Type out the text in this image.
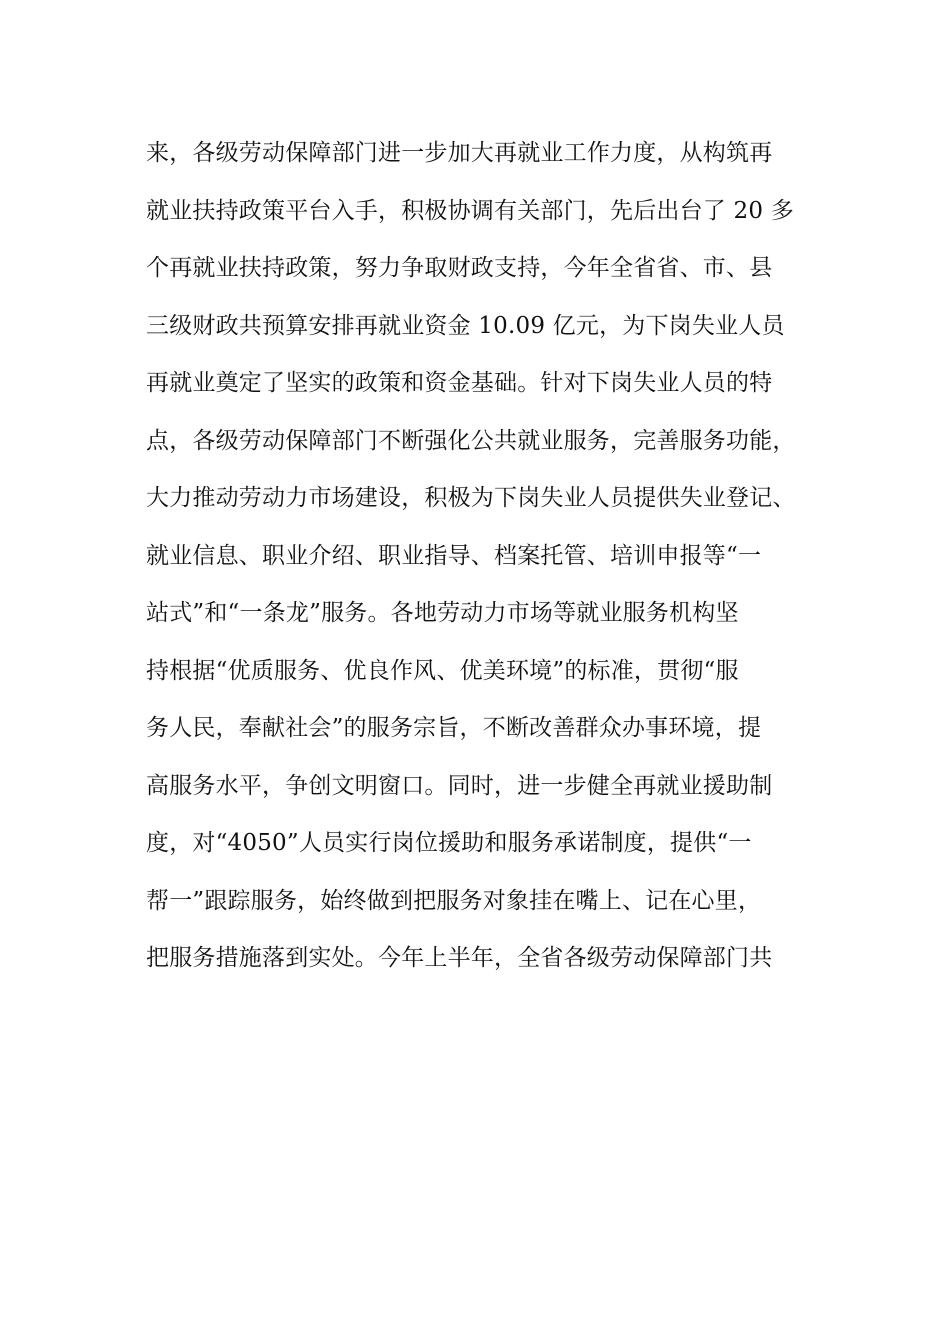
来，各级劳动保障部门进一步加大再就业工作力度，从构筑再
就业扶持政策平台入手，积极协调有关部门，先后出台了 20 多
个再就业扶持政策，努力争取财政支持，今年全省省、市、县
三级财政共预算安排再就业资金 10.09 亿元，为下岗失业人员
再就业奠定了坚实的政策和资金基础。针对下岗失业人员的特
点，各级劳动保障部门不断强化公共就业服务，完善服务功能，
大力推动劳动力市场建设，积极为下岗失业人员提供失业登记、
就业信息、职业介绍、职业指导、档案托管、培训申报等“一
站式”和“一条龙”服务。各地劳动力市场等就业服务机构坚
持根据“优质服务、优良作风、优美环境”的标准，贯彻“服
务人民，奉献社会”的服务宗旨，不断改善群众办事环境，提
高服务水平，争创文明窗口。同时，进一步健全再就业援助制
度，对“4050”人员实行岗位援助和服务承诺制度，提供“一
帮一”跟踪服务，始终做到把服务对象挂在嘴上、记在心里，
把服务措施落到实处。今年上半年，全省各级劳动保障部门共
